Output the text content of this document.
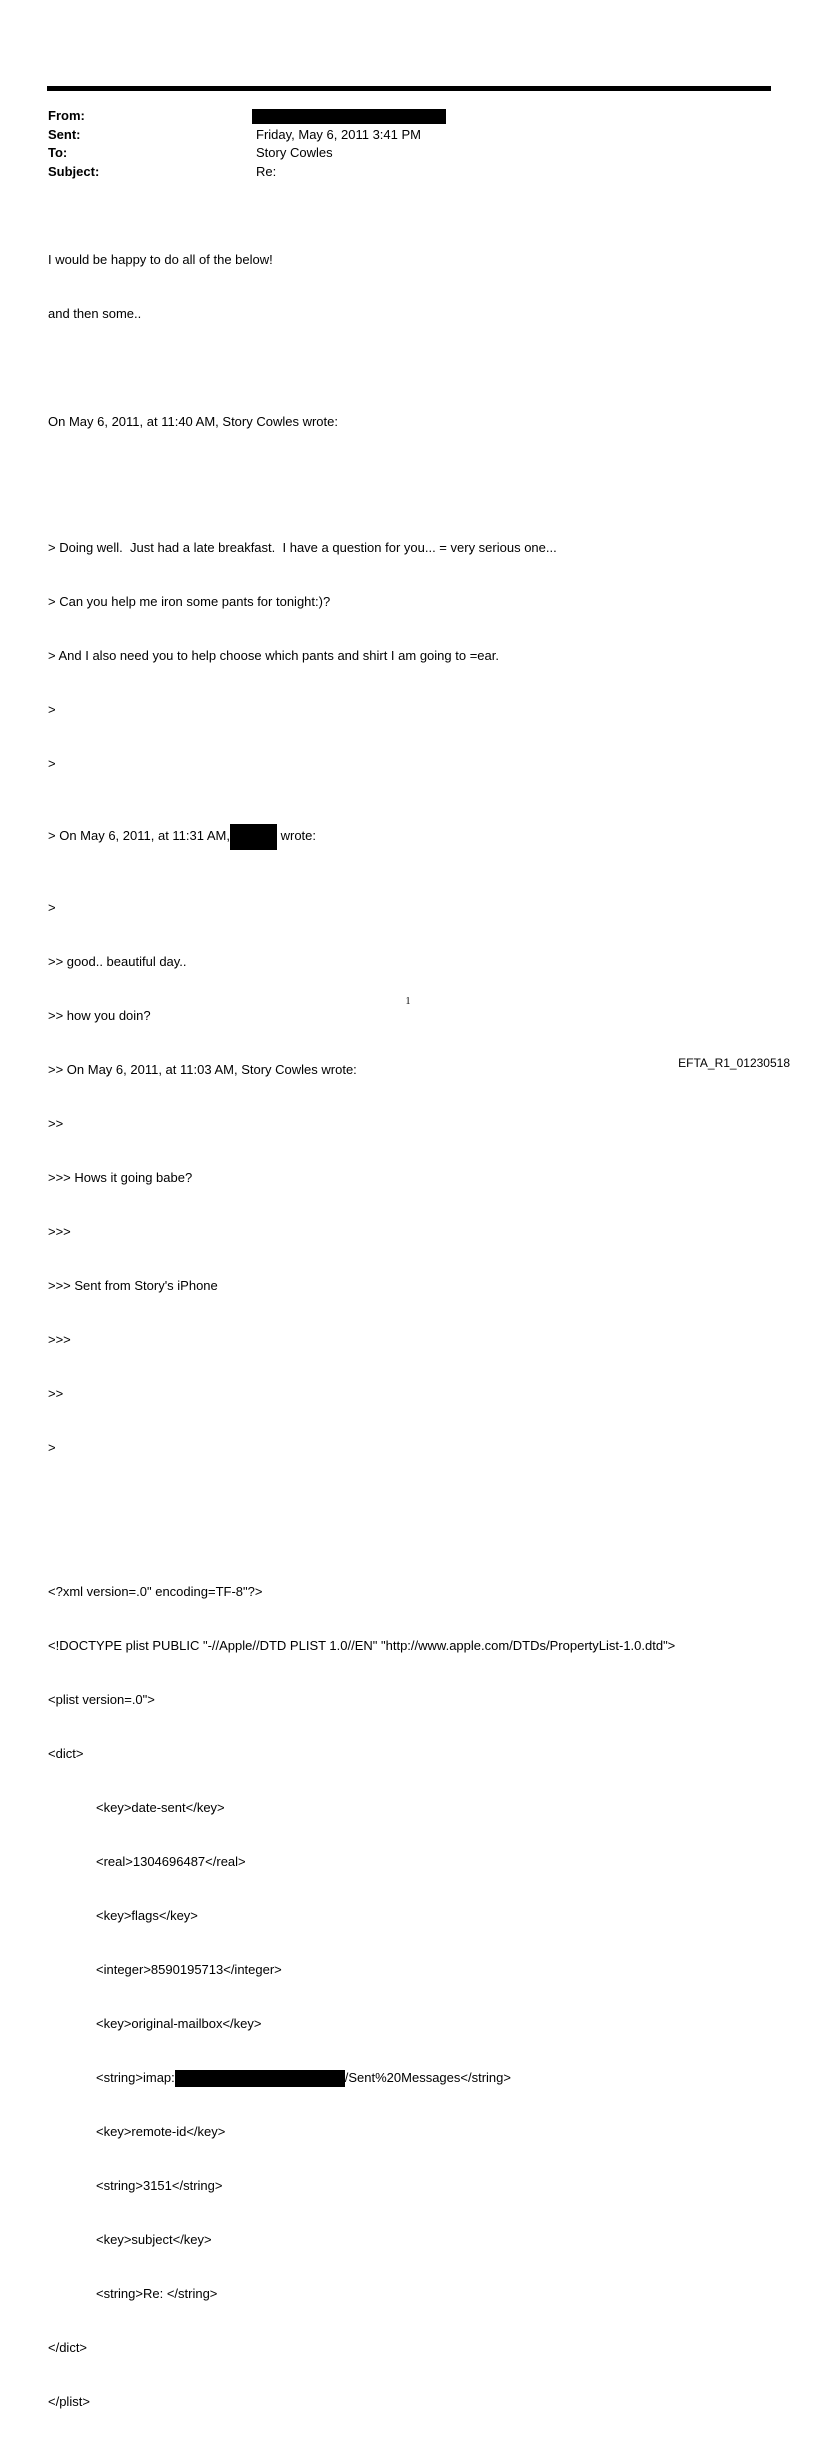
From:
Sent:	Friday, May 6, 2011 3:41 PM
To:	Story Cowles
Subject:	Re:

I would be happy to do all of the below!

and then some..

On May 6, 2011, at 11:40 AM, Story Cowles wrote:

> Doing well.  Just had a late breakfast.  I have a question for you... = very serious one...

> Can you help me iron some pants for tonight:)?

> And I also need you to help choose which pants and shirt I am going to =ear.

>

>

> On May 6, 2011, at 11:31 AM,	wrote:

>

>> good.. beautiful day..

>> how you doin?

>> On May 6, 2011, at 11:03 AM, Story Cowles wrote:

>>

>>> Hows it going babe?

>>>

>>> Sent from Story's iPhone

>>>

>>

>

<?xml version=.0" encoding=TF-8"?>

<!DOCTYPE plist PUBLIC "-//Apple//DTD PLIST 1.0//EN" "http://www.apple.com/DTDs/PropertyList-1.0.dtd">

<plist version=.0">

<dict>

<key>date-sent</key>

<real>1304696487</real>

<key>flags</key>

<integer>8590195713</integer>

<key>original-mailbox</key>

<string>imap:	/Sent%20Messages</string>

<key>remote-id</key>

<string>3151</string>

<key>subject</key>

<string>Re: </string>

</dict>

</plist>

1
EFTA_R1_01230518
